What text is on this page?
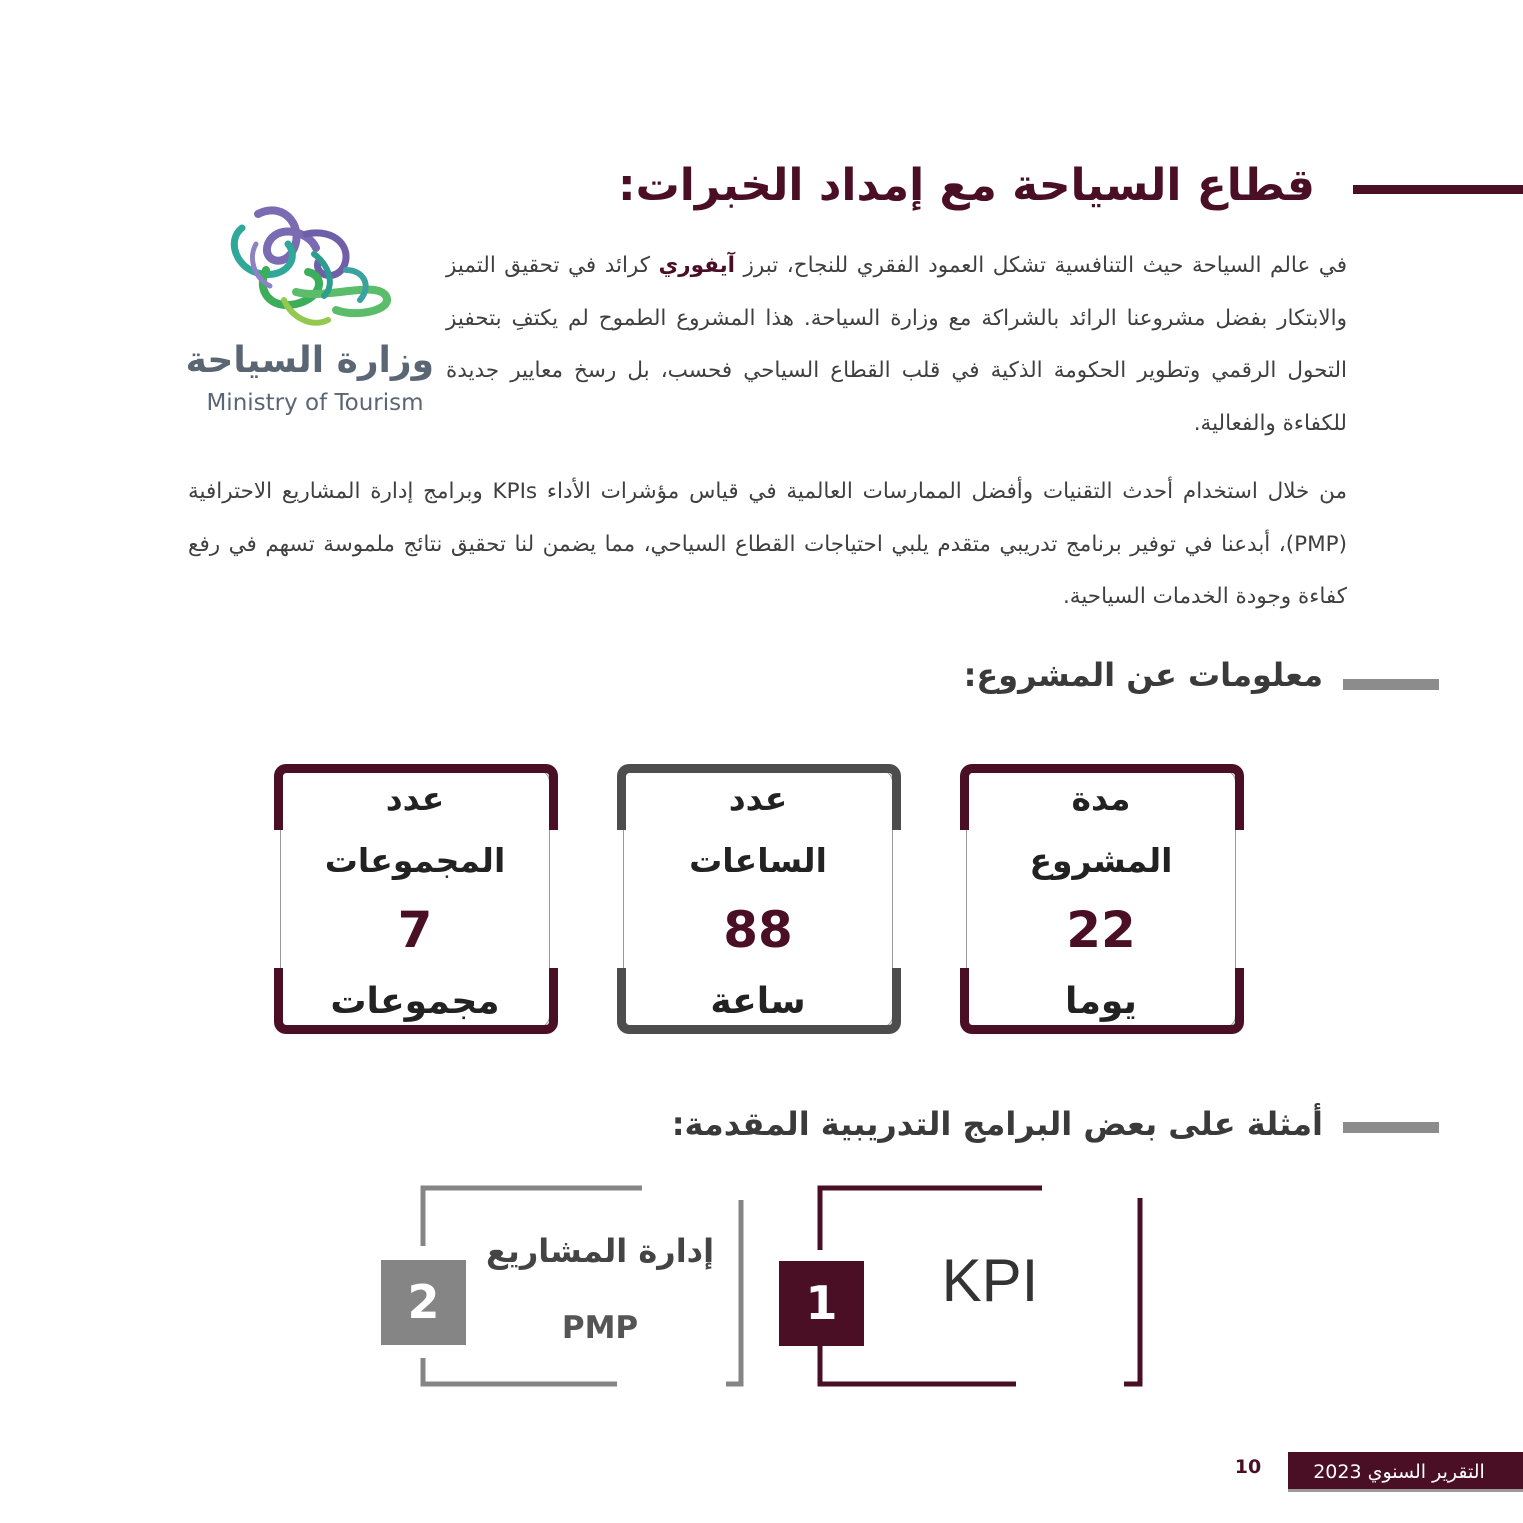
قطاع السياحة مع إمداد الخبرات:
وزارة السياحة
Ministry of Tourism
في عالم السياحة حيث التنافسية تشكل العمود الفقري للنجاح، تبرز آيفوري كرائد في تحقيق التميز والابتكار بفضل مشروعنا الرائد بالشراكة مع وزارة السياحة. هذا المشروع الطموح لم يكتفِ بتحفيز التحول الرقمي وتطوير الحكومة الذكية في قلب القطاع السياحي فحسب، بل رسخ معايير جديدة للكفاءة والفعالية.
من خلال استخدام أحدث التقنيات وأفضل الممارسات العالمية في قياس مؤشرات الأداء KPIs وبرامج إدارة المشاريع الاحترافية (PMP)، أبدعنا في توفير برنامج تدريبي متقدم يلبي احتياجات القطاع السياحي، مما يضمن لنا تحقيق نتائج ملموسة تسهم في رفع كفاءة وجودة الخدمات السياحية.
معلومات عن المشروع:
مدة
المشروع
22
يوما
عدد
الساعات
88
ساعة
عدد
المجموعات
7
مجموعات
أمثلة على بعض البرامج التدريبية المقدمة:
1	KPI
2
إدارة المشاريع
PMP
التقرير السنوي 2023
10
